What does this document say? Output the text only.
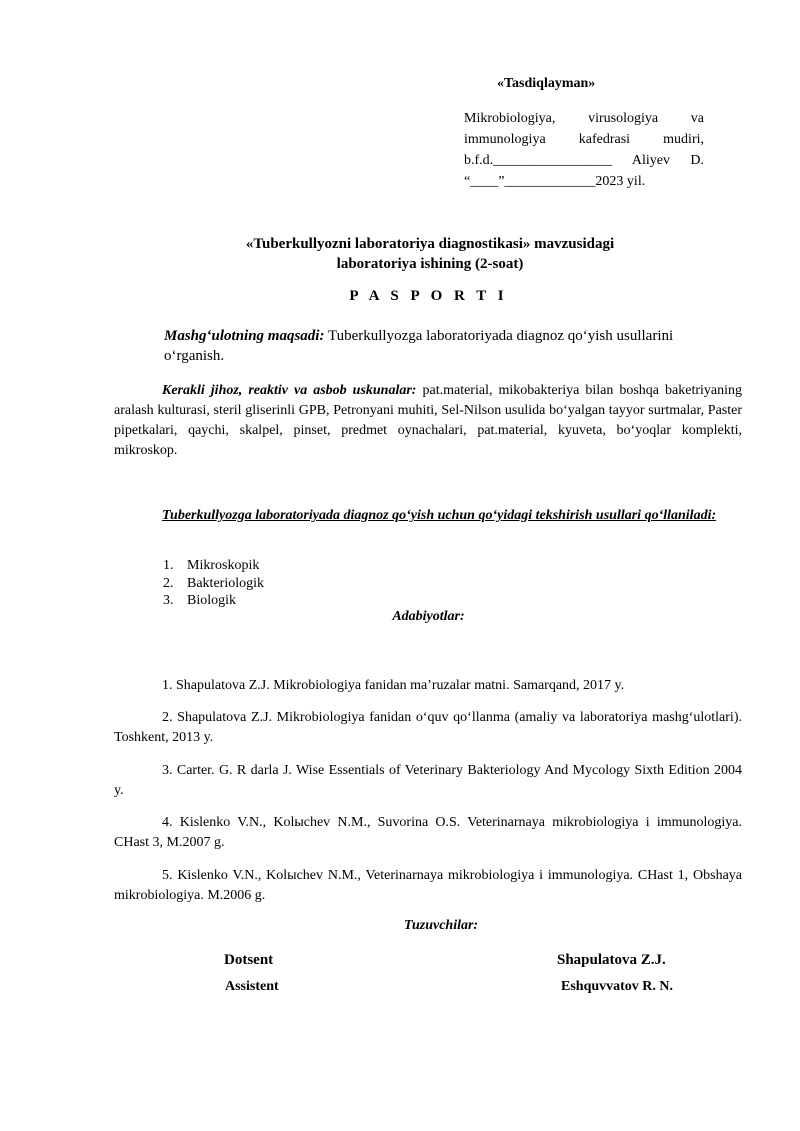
«Tasdiqlayman»
Mikrobiologiya, virusologiya va
immunologiya kafedrasi mudiri,
b.f.d._________________ Aliyev D.
“____”_____________2023 yil.
«Tuberkullyozni laboratoriya diagnostikasi» mavzusidagi
laboratoriya ishining (2-soat)
P A S P O R T I
Mashg‘ulotning maqsadi: Tuberkullyozga laboratoriyada diagnoz qo‘yish usullarini o‘rganish.
Kerakli jihoz, reaktiv va asbob uskunalar: pat.material, mikobakteriya bilan boshqa baketriyaning aralash kulturasi, steril gliserinli GPB, Petronyani muhiti, Sel-Nilson usulida bo‘yalgan tayyor surtmalar, Paster pipetkalari, qaychi, skalpel, pinset, predmet oynachalari, pat.material, kyuveta, bo‘yoqlar komplekti, mikroskop.
Tuberkullyozga laboratoriyada diagnoz qo‘yish uchun qo‘yidagi tekshirish usullari qo‘llaniladi:
1. Mikroskopik
2. Bakteriologik
3. Biologik
Adabiyotlar:
1. Shapulatova Z.J. Mikrobiologiya fanidan ma’ruzalar matni. Samarqand, 2017 y.
2. Shapulatova Z.J. Mikrobiologiya fanidan o‘quv qo‘llanma (amaliy va laboratoriya mashg‘ulotlari). Toshkent, 2013 y.
3. Carter. G. R darla J. Wise Essentials of Veterinary Bakteriology And Mycology Sixth Edition 2004 y.
4. Kislenko V.N., Kolыchev N.M., Suvorina O.S. Veterinarnaya mikrobiologiya i immunologiya. CHast 3, M.2007 g.
5. Kislenko V.N., Kolыchev N.M., Veterinarnaya mikrobiologiya i immunologiya. CHast 1, Obshaya mikrobiologiya. M.2006 g.
Tuzuvchilar:
Dotsent	Shapulatova Z.J.
Assistent	Eshquvvatov R. N.
